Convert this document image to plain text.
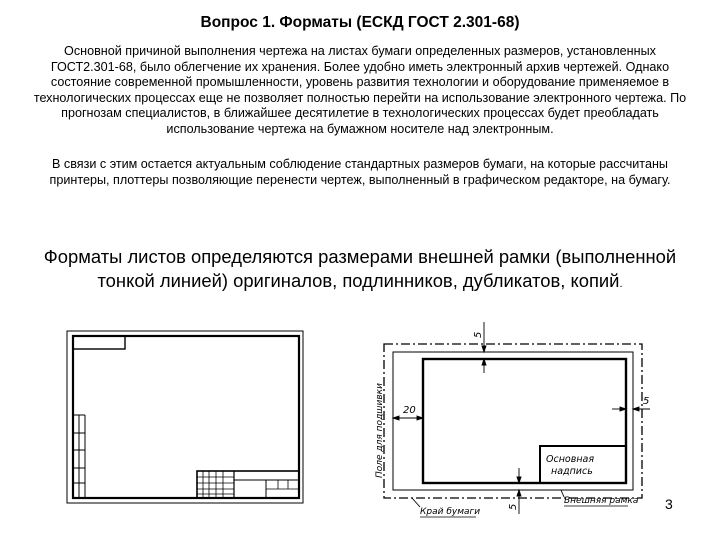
Вопрос 1. Форматы (ЕСКД ГОСТ 2.301-68)
Основной причиной выполнения чертежа на листах бумаги определенных размеров, установленных ГОСТ2.301-68, было облегчение их хранения. Более удобно иметь электронный архив чертежей. Однако состояние современной промышленности, уровень развития технологии и оборудование применяемое в технологических процессах еще не позволяет полностью перейти на использование электронного чертежа. По прогнозам специалистов, в ближайшее десятилетие в технологических процессах будет преобладать использование чертежа на бумажном носителе над электронным.
В связи с этим остается актуальным соблюдение стандартных размеров бумаги, на которые рассчитаны принтеры, плоттеры позволяющие перенести чертеж, выполненный в графическом редакторе, на бумагу.
Форматы листов определяются размерами внешней рамки (выполненной тонкой линией) оригиналов, подлинников, дубликатов, копий.
Основная
надпись
20
5
5
5
Поле для подшивки
Внешняя рамка
Край бумаги	3
